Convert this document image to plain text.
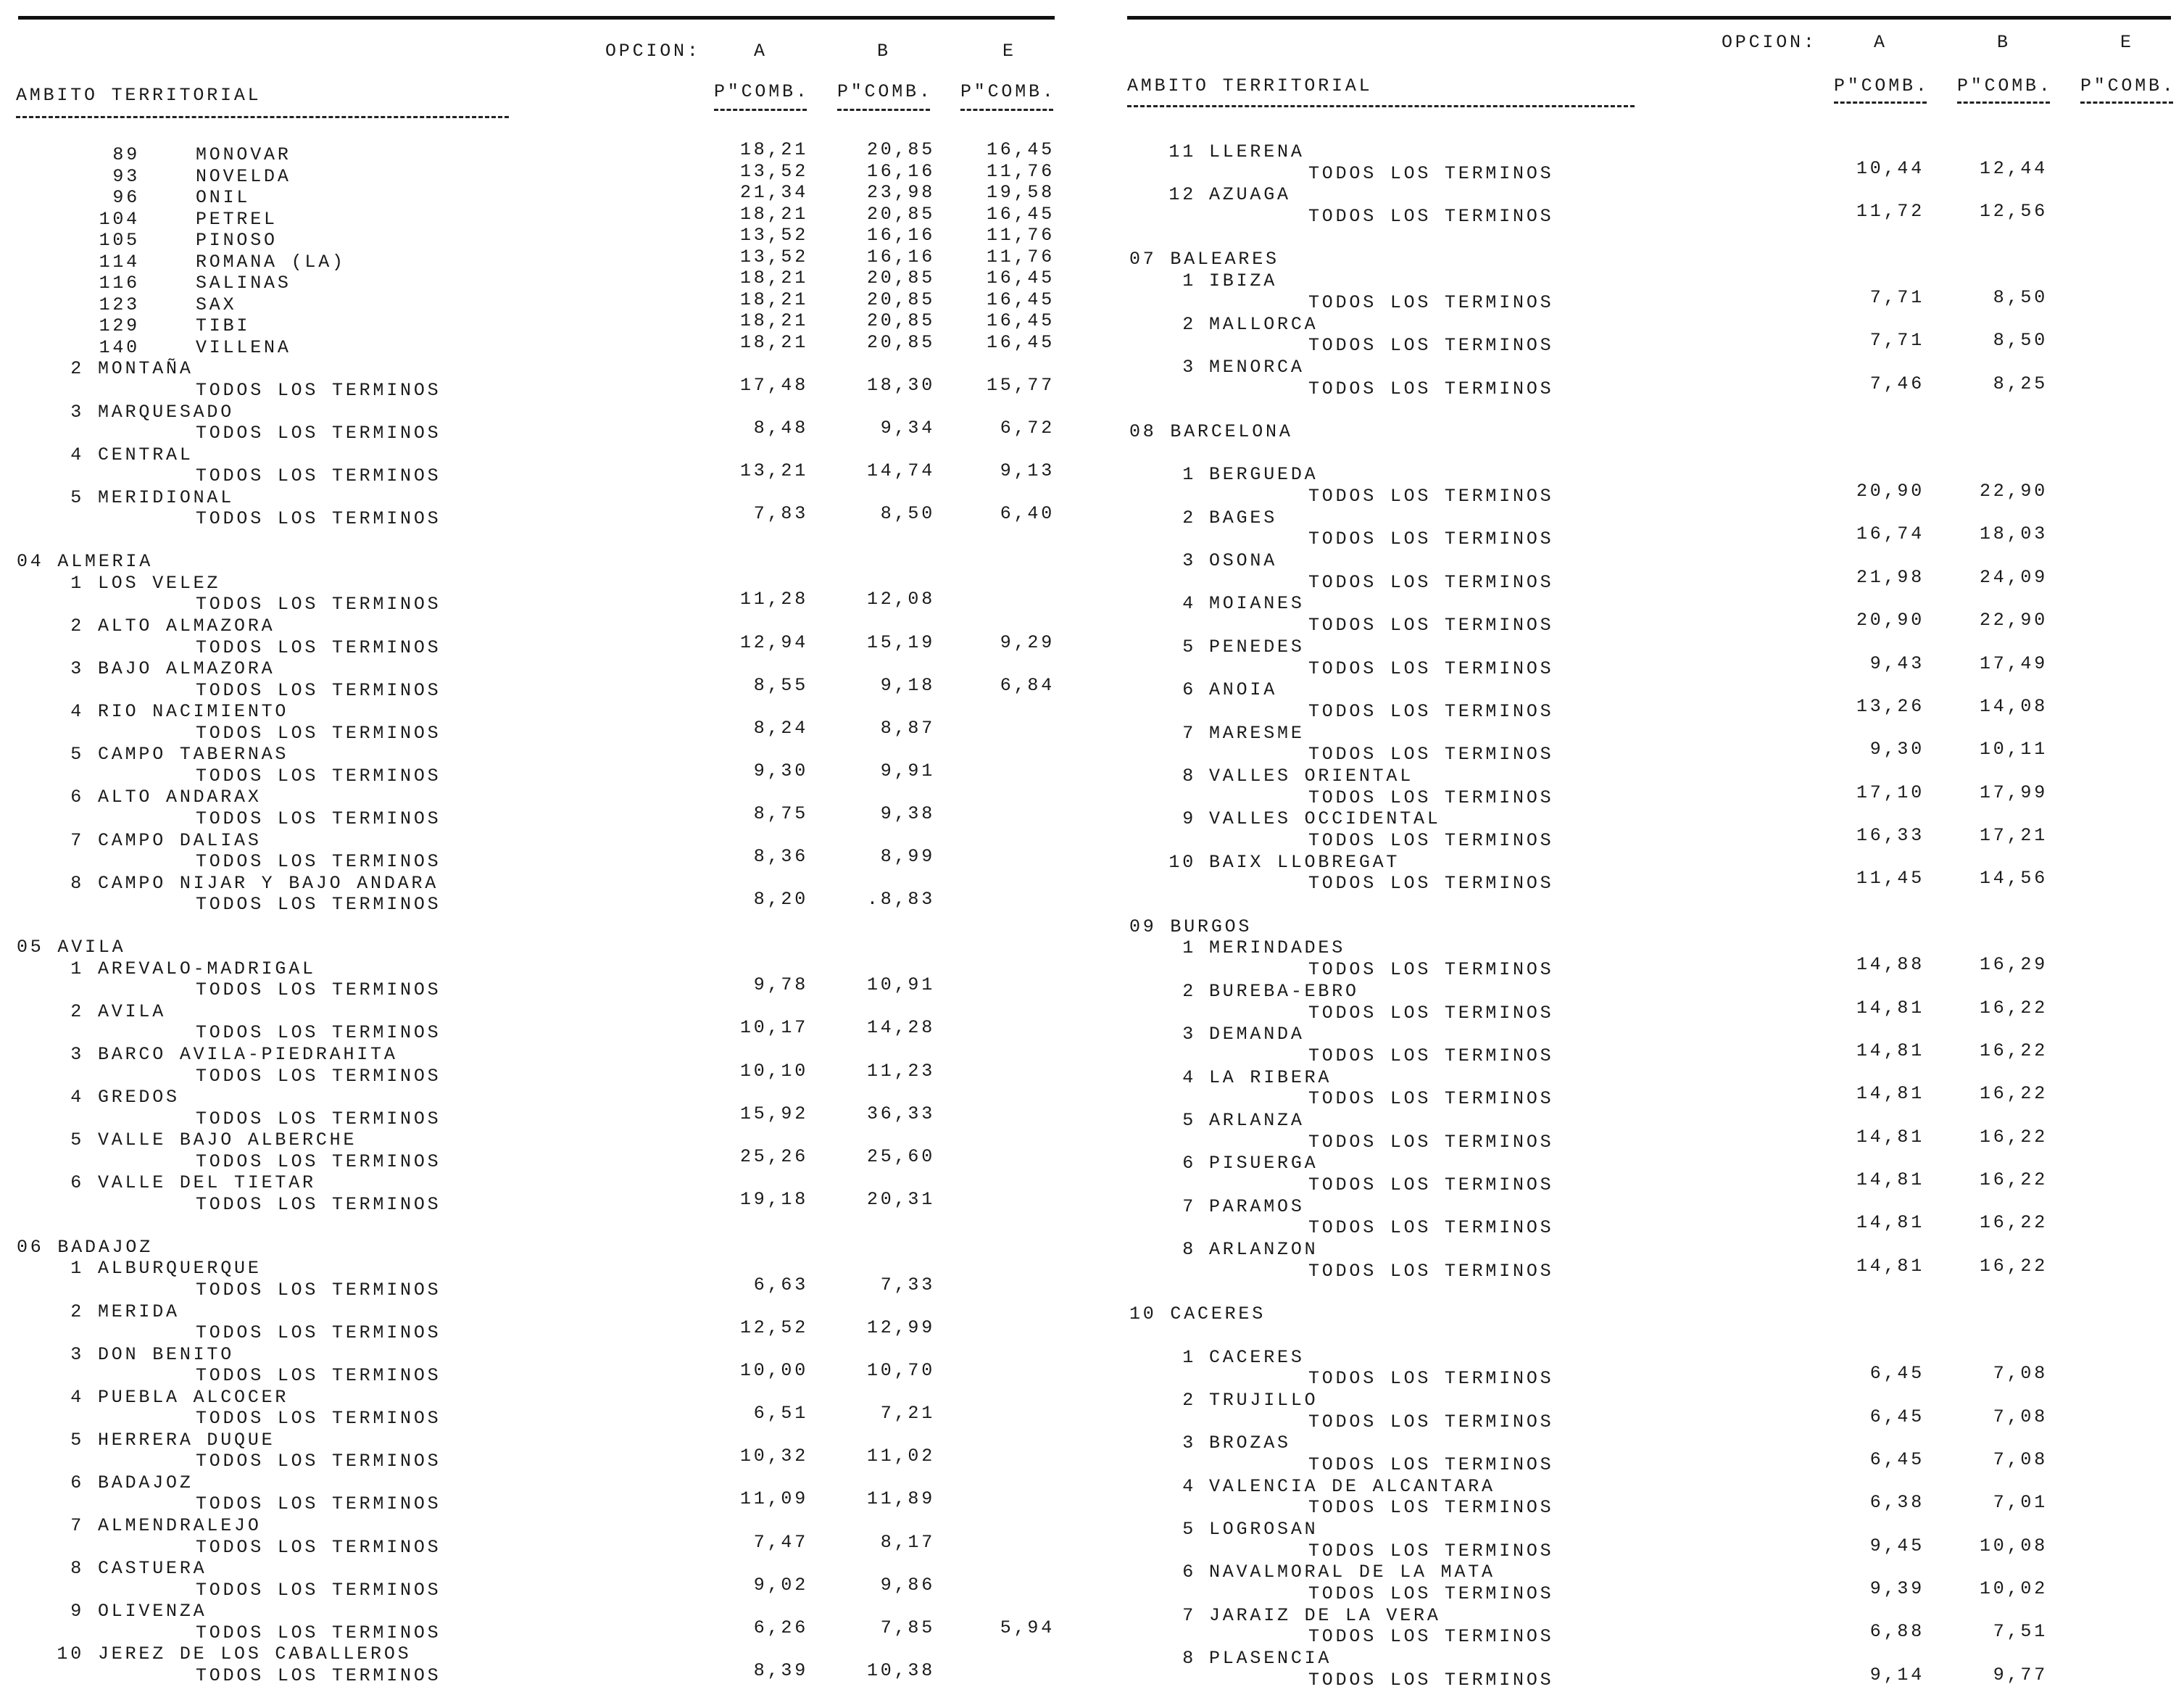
OPCION:	A	B	E
AMBITO TERRITORIAL	P"COMB. P"COMB. P"COMB.
89	MONOVAR	18,21	20,85	16,45
93	NOVELDA	13,52	16,16	11,76
96	ONIL	21,34	23,98	19,58
104	PETREL	18,21	20,85	16,45
105	PINOSO	13,52	16,16	11,76
114	ROMANA (LA)	13,52	16,16	11,76
116	SALINAS	18,21	20,85	16,45
123	SAX	18,21	20,85	16,45
129	TIBI	18,21	20,85	16,45
140	VILLENA	18,21	20,85	16,45
2 MONTAÑA
TODOS LOS TERMINOS	17,48	18,30	15,77
3 MARQUESADO
TODOS LOS TERMINOS	8,48	9,34	6,72
4 CENTRAL
TODOS LOS TERMINOS	13,21	14,74	9,13
5 MERIDIONAL
TODOS LOS TERMINOS	7,83	8,50	6,40
04 ALMERIA
1 LOS VELEZ
TODOS LOS TERMINOS	11,28	12,08
2 ALTO ALMAZORA
TODOS LOS TERMINOS	12,94	15,19	9,29
3 BAJO ALMAZORA
TODOS LOS TERMINOS	8,55	9,18	6,84
4 RIO NACIMIENTO
TODOS LOS TERMINOS	8,24	8,87
5 CAMPO TABERNAS
TODOS LOS TERMINOS	9,30	9,91
6 ALTO ANDARAX
TODOS LOS TERMINOS	8,75	9,38
7 CAMPO DALIAS
TODOS LOS TERMINOS	8,36	8,99
8 CAMPO NIJAR Y BAJO ANDARA
TODOS LOS TERMINOS	8,20	.8,83
05 AVILA
1 AREVALO-MADRIGAL
TODOS LOS TERMINOS	9,78	10,91
2 AVILA
TODOS LOS TERMINOS	10,17	14,28
3 BARCO AVILA-PIEDRAHITA
TODOS LOS TERMINOS	10,10	11,23
4 GREDOS
TODOS LOS TERMINOS	15,92	36,33
5 VALLE BAJO ALBERCHE
TODOS LOS TERMINOS	25,26	25,60
6 VALLE DEL TIETAR
TODOS LOS TERMINOS	19,18	20,31
06 BADAJOZ
1 ALBURQUERQUE
TODOS LOS TERMINOS	6,63	7,33
2 MERIDA
TODOS LOS TERMINOS	12,52	12,99
3 DON BENITO
TODOS LOS TERMINOS	10,00	10,70
4 PUEBLA ALCOCER
TODOS LOS TERMINOS	6,51	7,21
5 HERRERA DUQUE
TODOS LOS TERMINOS	10,32	11,02
6 BADAJOZ
TODOS LOS TERMINOS	11,09	11,89
7 ALMENDRALEJO
TODOS LOS TERMINOS	7,47	8,17
8 CASTUERA
TODOS LOS TERMINOS	9,02	9,86
9 OLIVENZA
TODOS LOS TERMINOS	6,26	7,85	5,94
10 JEREZ DE LOS CABALLEROS
TODOS LOS TERMINOS	8,39	10,38
OPCION:	A	B	E
AMBITO TERRITORIAL	P"COMB. P"COMB. P"COMB.
11 LLERENA
TODOS LOS TERMINOS	10,44	12,44
12 AZUAGA
TODOS LOS TERMINOS	11,72	12,56
07 BALEARES
1 IBIZA
TODOS LOS TERMINOS	7,71	8,50
2 MALLORCA
TODOS LOS TERMINOS	7,71	8,50
3 MENORCA
TODOS LOS TERMINOS	7,46	8,25
08 BARCELONA
1 BERGUEDA
TODOS LOS TERMINOS	20,90	22,90
2 BAGES
TODOS LOS TERMINOS	16,74	18,03
3 OSONA
TODOS LOS TERMINOS	21,98	24,09
4 MOIANES
TODOS LOS TERMINOS	20,90	22,90
5 PENEDES
TODOS LOS TERMINOS	9,43	17,49
6 ANOIA
TODOS LOS TERMINOS	13,26	14,08
7 MARESME
TODOS LOS TERMINOS	9,30	10,11
8 VALLES ORIENTAL
TODOS LOS TERMINOS	17,10	17,99
9 VALLES OCCIDENTAL
TODOS LOS TERMINOS	16,33	17,21
10 BAIX LLOBREGAT
TODOS LOS TERMINOS	11,45	14,56
09 BURGOS
1 MERINDADES
TODOS LOS TERMINOS	14,88	16,29
2 BUREBA-EBRO
TODOS LOS TERMINOS	14,81	16,22
3 DEMANDA
TODOS LOS TERMINOS	14,81	16,22
4 LA RIBERA
TODOS LOS TERMINOS	14,81	16,22
5 ARLANZA
TODOS LOS TERMINOS	14,81	16,22
6 PISUERGA
TODOS LOS TERMINOS	14,81	16,22
7 PARAMOS
TODOS LOS TERMINOS	14,81	16,22
8 ARLANZON
TODOS LOS TERMINOS	14,81	16,22
10 CACERES
1 CACERES
TODOS LOS TERMINOS	6,45	7,08
2 TRUJILLO
TODOS LOS TERMINOS	6,45	7,08
3 BROZAS
TODOS LOS TERMINOS	6,45	7,08
4 VALENCIA DE ALCANTARA
TODOS LOS TERMINOS	6,38	7,01
5 LOGROSAN
TODOS LOS TERMINOS	9,45	10,08
6 NAVALMORAL DE LA MATA
TODOS LOS TERMINOS	9,39	10,02
7 JARAIZ DE LA VERA
TODOS LOS TERMINOS	6,88	7,51
8 PLASENCIA
TODOS LOS TERMINOS	9,14	9,77
